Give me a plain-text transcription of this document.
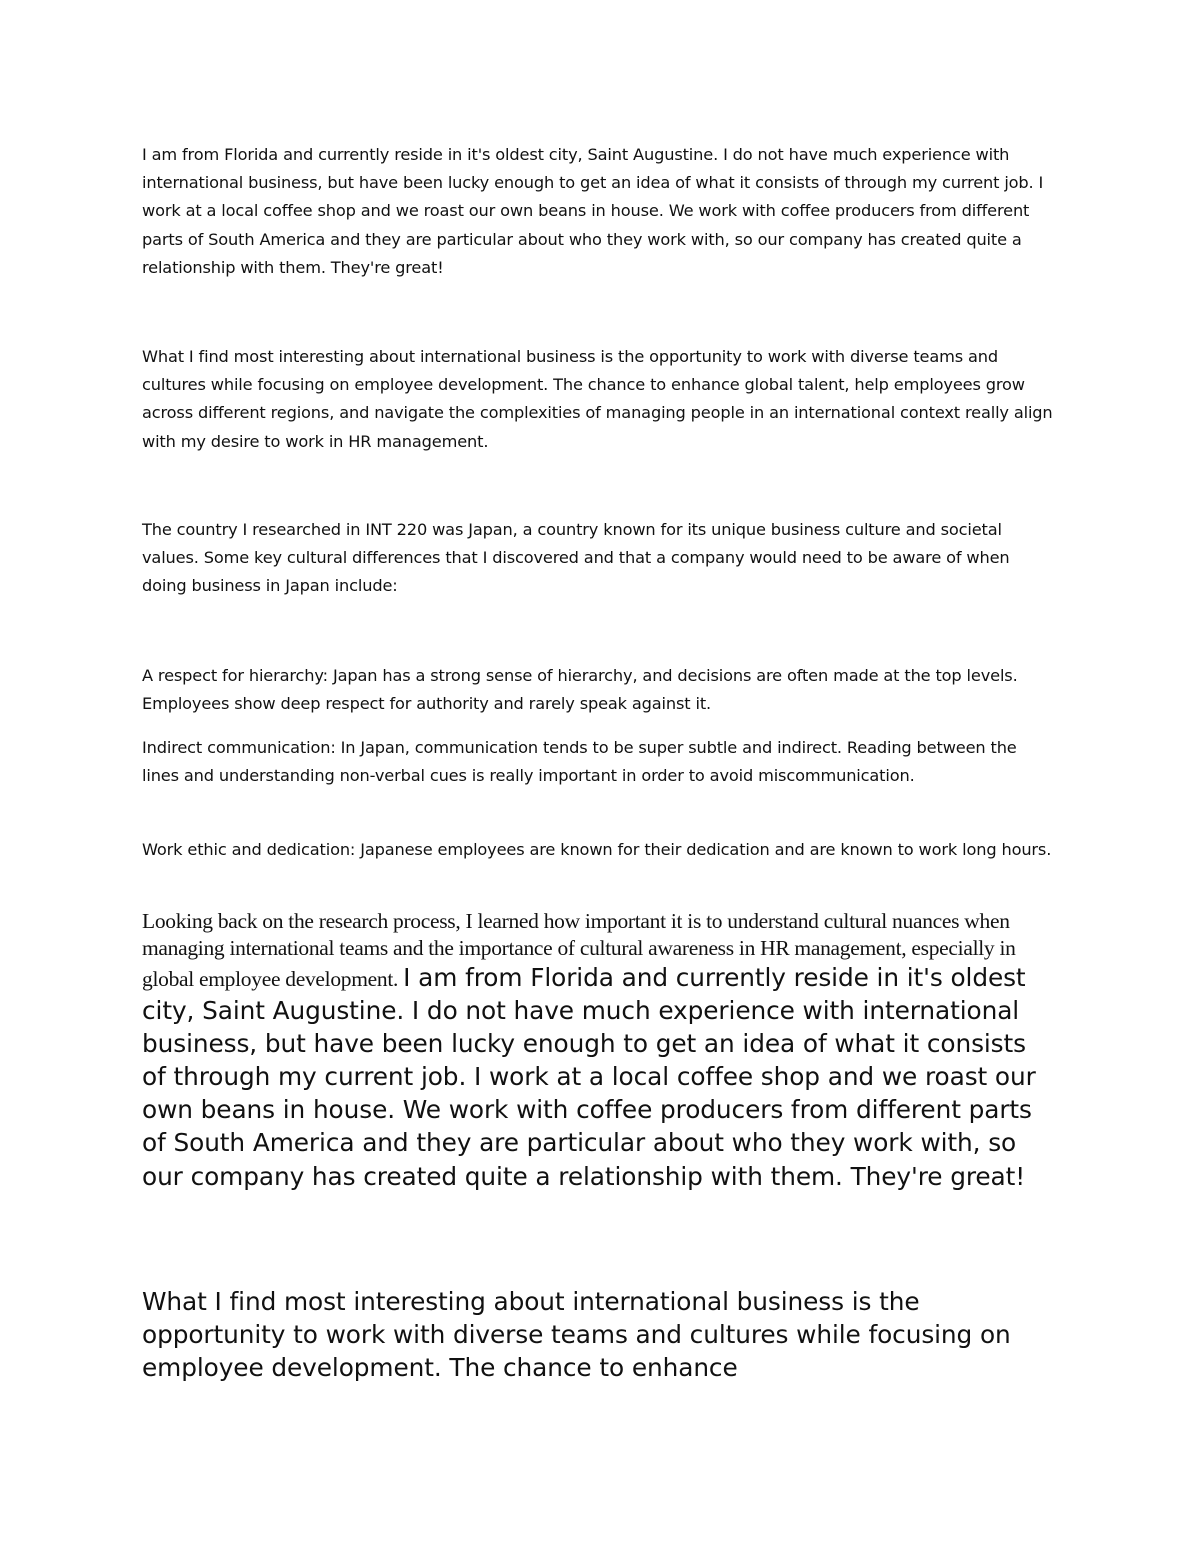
I am from Florida and currently reside in it's oldest city, Saint Augustine. I do not have much experience with international business, but have been lucky enough to get an idea of what it consists of through my current job. I work at a local coffee shop and we roast our own beans in house. We work with coffee producers from different parts of South America and they are particular about who they work with, so our company has created quite a relationship with them. They're great!

What I find most interesting about international business is the opportunity to work with diverse teams and cultures while focusing on employee development. The chance to enhance global talent, help employees grow across different regions, and navigate the complexities of managing people in an international context really align with my desire to work in HR management.

The country I researched in INT 220 was Japan, a country known for its unique business culture and societal values. Some key cultural differences that I discovered and that a company would need to be aware of when doing business in Japan include:

A respect for hierarchy: Japan has a strong sense of hierarchy, and decisions are often made at the top levels. Employees show deep respect for authority and rarely speak against it.

Indirect communication: In Japan, communication tends to be super subtle and indirect. Reading between the lines and understanding non-verbal cues is really important in order to avoid miscommunication.

Work ethic and dedication: Japanese employees are known for their dedication and are known to work long hours.

Looking back on the research process, I learned how important it is to understand cultural nuances when managing international teams and the importance of cultural awareness in HR management, especially in global employee development. I am from Florida and currently reside in it's oldest city, Saint Augustine. I do not have much experience with international business, but have been lucky enough to get an idea of what it consists of through my current job. I work at a local coffee shop and we roast our own beans in house. We work with coffee producers from different parts of South America and they are particular about who they work with, so our company has created quite a relationship with them. They're great!

What I find most interesting about international business is the opportunity to work with diverse teams and cultures while focusing on employee development. The chance to enhance
